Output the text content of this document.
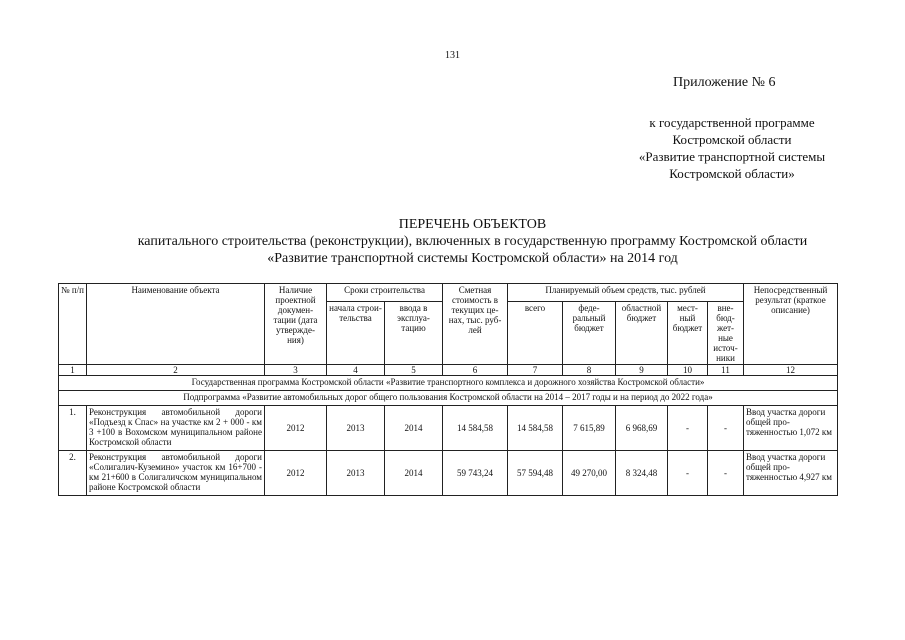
131
Приложение № 6
к государственной программе
Костромской области
«Развитие транспортной системы
Костромской области»
ПЕРЕЧЕНЬ ОБЪЕКТОВ
капитального строительства (реконструкции), включенных в государственную программу Костромской области
«Развитие транспортной системы Костромской области» на 2014 год
№ п/п	Наименование объекта	Наличие проектной докумен- тации (дата утвержде- ния)	Сроки строительства		Сметная стоимость в текущих це- нах, тыс. руб- лей	Планируемый объем средств, тыс. рублей					Непосредственный результат (краткое описание)
			начала строи- тельства	ввода в эксплуа- тацию		всего	феде- ральный бюджет	областной бюджет	мест- ный бюджет	вне- бюд- жет- ные источ- ники	
1	2	3	4	5	6	7	8	9	10	11	12
Государственная программа Костромской области «Развитие транспортного комплекса и дорожного хозяйства Костромской области»											
Подпрограмма «Развитие автомобильных дорог общего пользования Костромской области на 2014 – 2017 годы и на период до 2022 года»											
1.	Реконструкция автомобильной дороги «Подъезд к Спас» на участке км 2 + 000 - км 3 +100 в Вохомском муниципальном районе Костромской области	2012	2013	2014	14 584,58	14 584,58	7 615,89	6 968,69	-	-	Ввод участка дороги общей про- тяженностью 1,072 км
2.	Реконструкция автомобильной дороги «Солигалич-Куземино» участок км 16+700 - км 21+600 в Солигаличском муниципальном районе Костромской области	2012	2013	2014	59 743,24	57 594,48	49 270,00	8 324,48	-	-	Ввод участка дороги общей про- тяженностью 4,927 км
